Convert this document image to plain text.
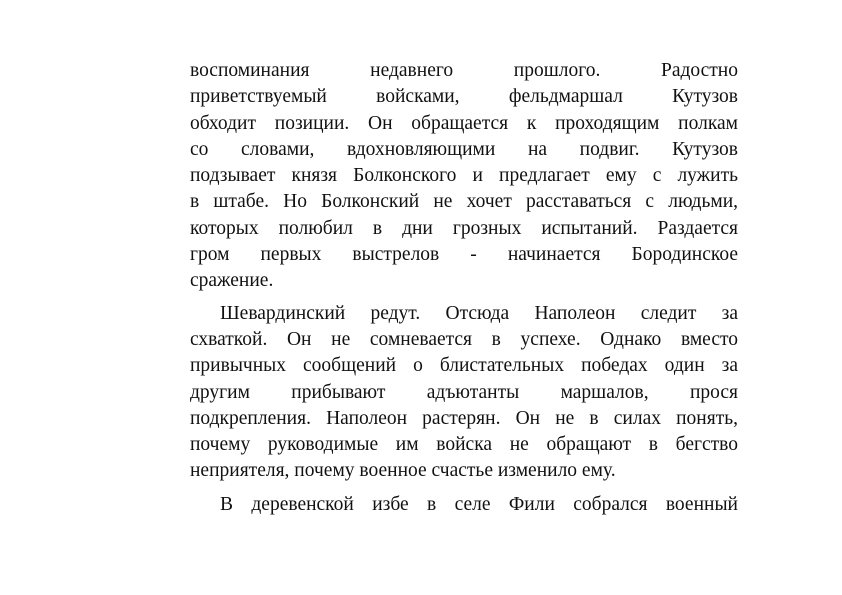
воспоминания недавнего прошлого. Радостно
приветствуемый войсками, фельдмаршал Кутузов
обходит позиции. Он обращается к проходящим полкам
со словами, вдохновляющими на подвиг. Кутузов
подзывает князя Болконского и предлагает ему с лужить
в штабе. Но Болконский не хочет расставаться с людьми,
которых полюбил в дни грозных испытаний. Раздается
гром первых выстрелов - начинается Бородинское
сражение.

Шевардинский редут. Отсюда Наполеон следит за
схваткой. Он не сомневается в успехе. Однако вместо
привычных сообщений о блистательных победах один за
другим прибывают адъютанты маршалов, прося
подкрепления. Наполеон растерян. Он не в силах понять,
почему руководимые им войска не обращают в бегство
неприятеля, почему военное счастье изменило ему.

В деревенской избе в селе Фили собрался военный
